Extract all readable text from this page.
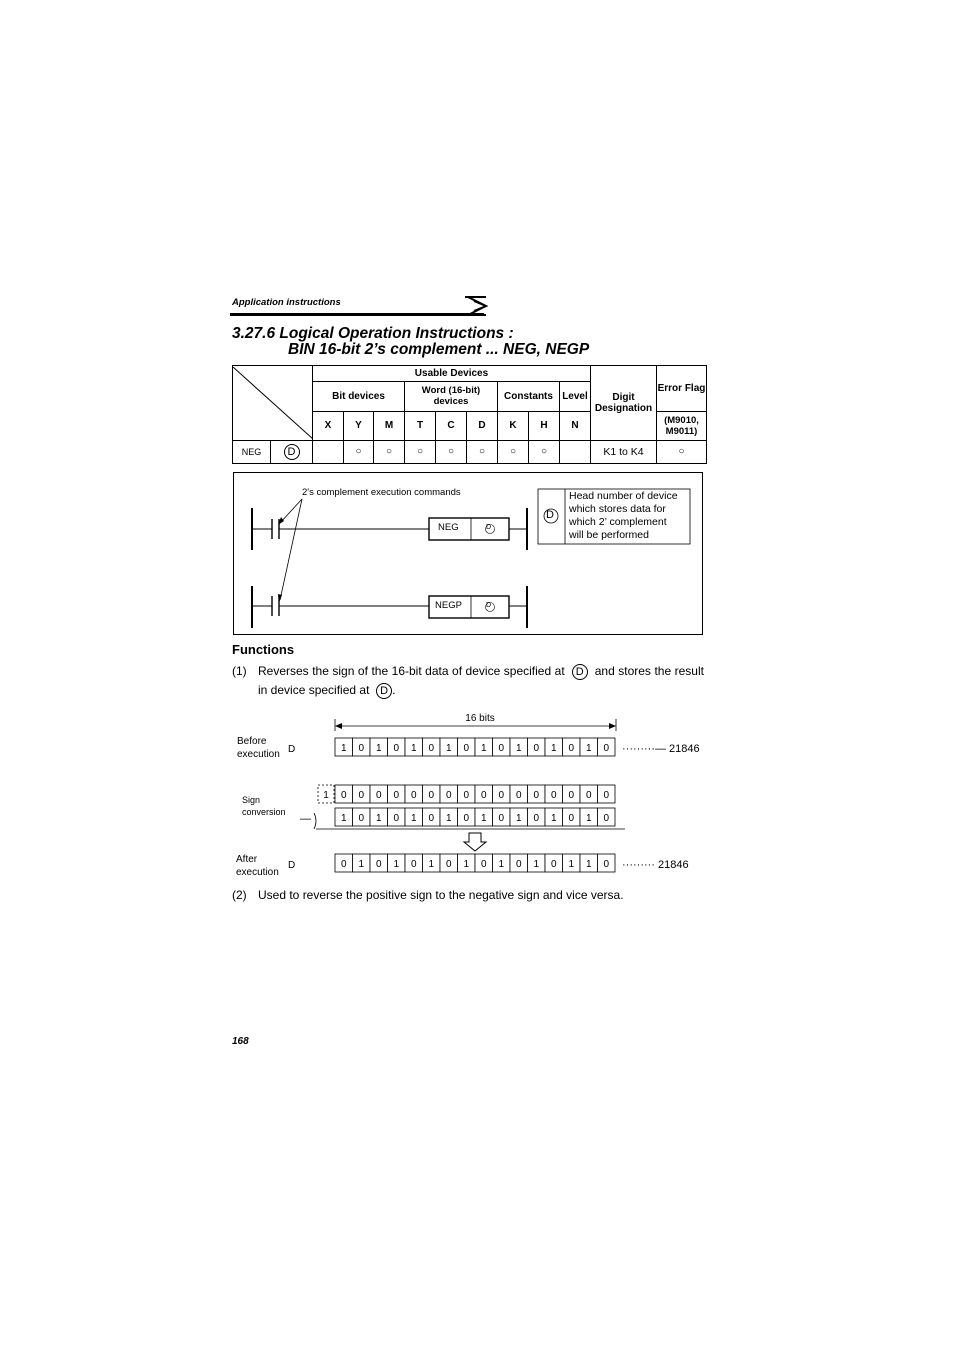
Application instructions
3.27.6 Logical Operation Instructions :
BIN 16-bit 2’s complement ... NEG, NEGP
	Usable Devices									Digit Designation	Error Flag
		Bit devices			Word (16-bit) devices			Constants		Level		
		X	Y	M	T	C	D	K	H	N		(M9010, M9011)
NEG	D		○	○	○	○	○	○	○		K1 to K4	○
2's complement execution commands
NEG	D
NEGP	D
D
Head number of device
which stores data for
which 2’ complement
will be performed
Functions
(1) Reverses the sign of the 16-bit data of device specified at D and stores the result in device specified at D .
16 bits
1 0 1 0 1 0 1 0 1 0 1 0 1 0 1 0
0 0 0 0 0 0 0 0 0 0 0 0 0 0 0 0
1 0 1 0 1 0 1 0 1 0 1 0 1 0 1 0
0 1 0 1 0 1 0 1 0 1 0 1 0 1 1 0
1
—
Before
execution D
Sign
conversion
After
execution
D
·········— 21846
········· 21846
(2) Used to reverse the positive sign to the negative sign and vice versa.
168
